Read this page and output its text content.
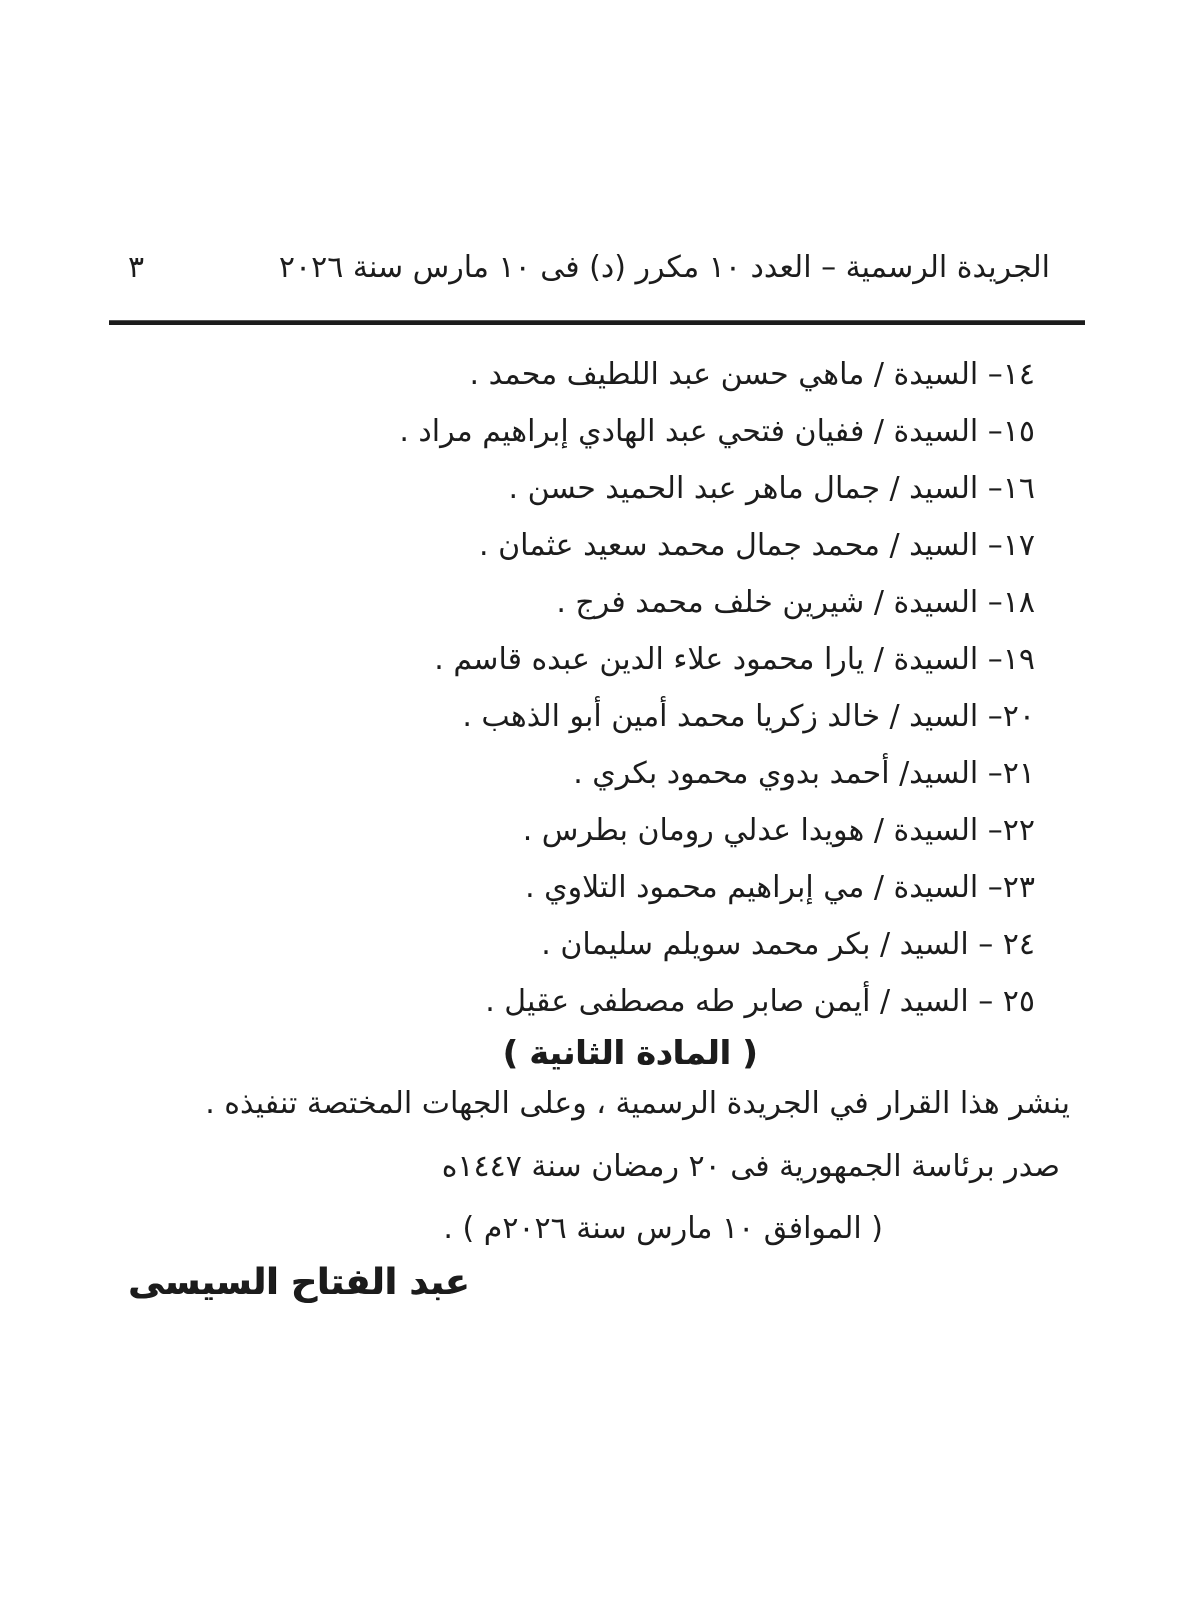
الجريدة الرسمية – العدد ١٠ مكرر (د) فى ١٠ مارس سنة ٢٠٢٦
٣
١٤– السيدة / ماهي حسن عبد اللطيف محمد .
١٥– السيدة / ففيان فتحي عبد الهادي إبراهيم مراد .
١٦– السيد / جمال ماهر عبد الحميد حسن .
١٧– السيد / محمد جمال محمد سعيد عثمان .
١٨– السيدة / شيرين خلف محمد فرج .
١٩– السيدة / يارا محمود علاء الدين عبده قاسم .
٢٠– السيد / خالد زكريا محمد أمين أبو الذهب .
٢١– السيد/ أحمد بدوي محمود بكري .
٢٢– السيدة / هويدا عدلي رومان بطرس .
٢٣– السيدة / مي إبراهيم محمود التلاوي .
٢٤ – السيد / بكر محمد سويلم سليمان .
٢٥ – السيد / أيمن صابر طه مصطفى عقيل .
( المادة الثانية )
ينشر هذا القرار في الجريدة الرسمية ، وعلى الجهات المختصة تنفيذه .
صدر برئاسة الجمهورية فى ٢٠ رمضان سنة ١٤٤٧ه
( الموافق ١٠ مارس سنة ٢٠٢٦م ) .
عبد الفتاح السيسى
